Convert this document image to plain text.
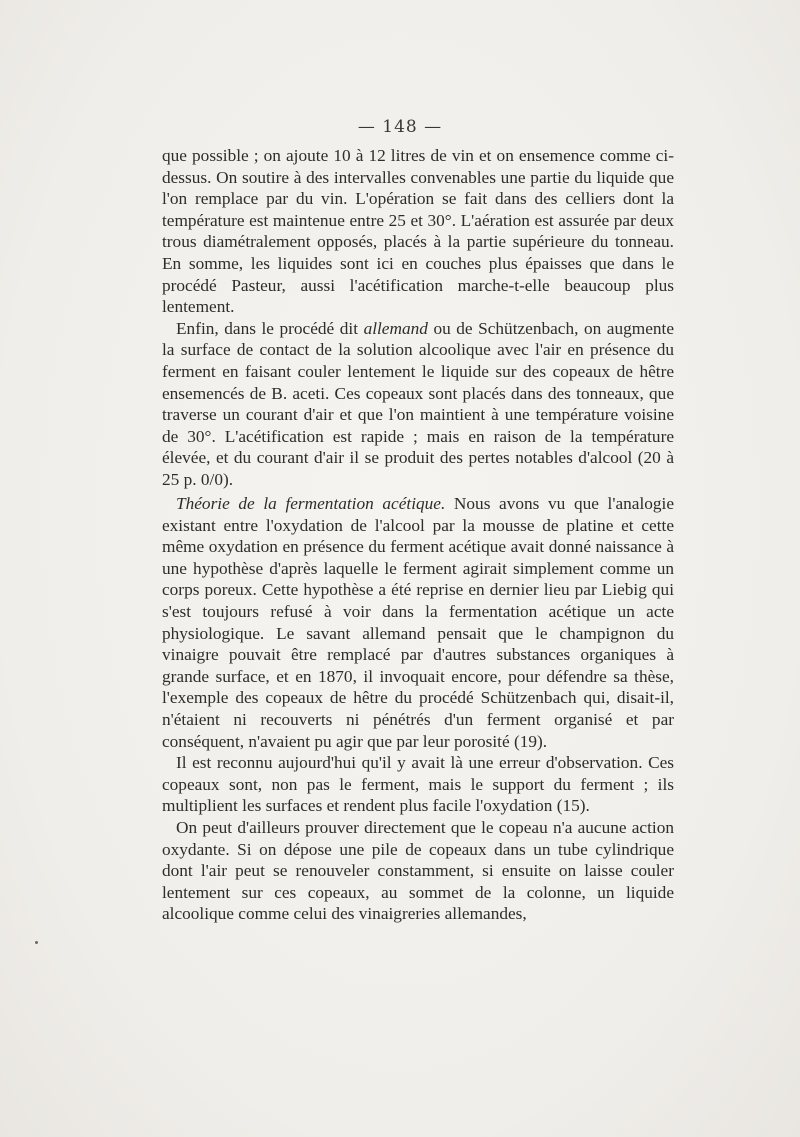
— 148 —

que possible ; on ajoute 10 à 12 litres de vin et on ensemence comme ci-dessus. On soutire à des intervalles convenables une partie du liquide que l'on remplace par du vin. L'opération se fait dans des celliers dont la température est maintenue entre 25 et 30°. L'aération est assurée par deux trous diamétralement opposés, placés à la partie supérieure du tonneau. En somme, les liquides sont ici en couches plus épaisses que dans le procédé Pasteur, aussi l'acétification marche-t-elle beaucoup plus lentement.

Enfin, dans le procédé dit allemand ou de Schützenbach, on augmente la surface de contact de la solution alcoolique avec l'air en présence du ferment en faisant couler lentement le liquide sur des copeaux de hêtre ensemencés de B. aceti. Ces copeaux sont placés dans des tonneaux, que traverse un courant d'air et que l'on maintient à une température voisine de 30°. L'acétification est rapide ; mais en raison de la température élevée, et du courant d'air il se produit des pertes notables d'alcool (20 à 25 p. 0/0).

Théorie de la fermentation acétique. Nous avons vu que l'analogie existant entre l'oxydation de l'alcool par la mousse de platine et cette même oxydation en présence du ferment acétique avait donné naissance à une hypothèse d'après laquelle le ferment agirait simplement comme un corps poreux. Cette hypothèse a été reprise en dernier lieu par Liebig qui s'est toujours refusé à voir dans la fermentation acétique un acte physiologique. Le savant allemand pensait que le champignon du vinaigre pouvait être remplacé par d'autres substances organiques à grande surface, et en 1870, il invoquait encore, pour défendre sa thèse, l'exemple des copeaux de hêtre du procédé Schützenbach qui, disait-il, n'étaient ni recouverts ni pénétrés d'un ferment organisé et par conséquent, n'avaient pu agir que par leur porosité (19).

Il est reconnu aujourd'hui qu'il y avait là une erreur d'observation. Ces copeaux sont, non pas le ferment, mais le support du ferment ; ils multiplient les surfaces et rendent plus facile l'oxydation (15).

On peut d'ailleurs prouver directement que le copeau n'a aucune action oxydante. Si on dépose une pile de copeaux dans un tube cylindrique dont l'air peut se renouveler constamment, si ensuite on laisse couler lentement sur ces copeaux, au sommet de la colonne, un liquide alcoolique comme celui des vinaigreries allemandes,
